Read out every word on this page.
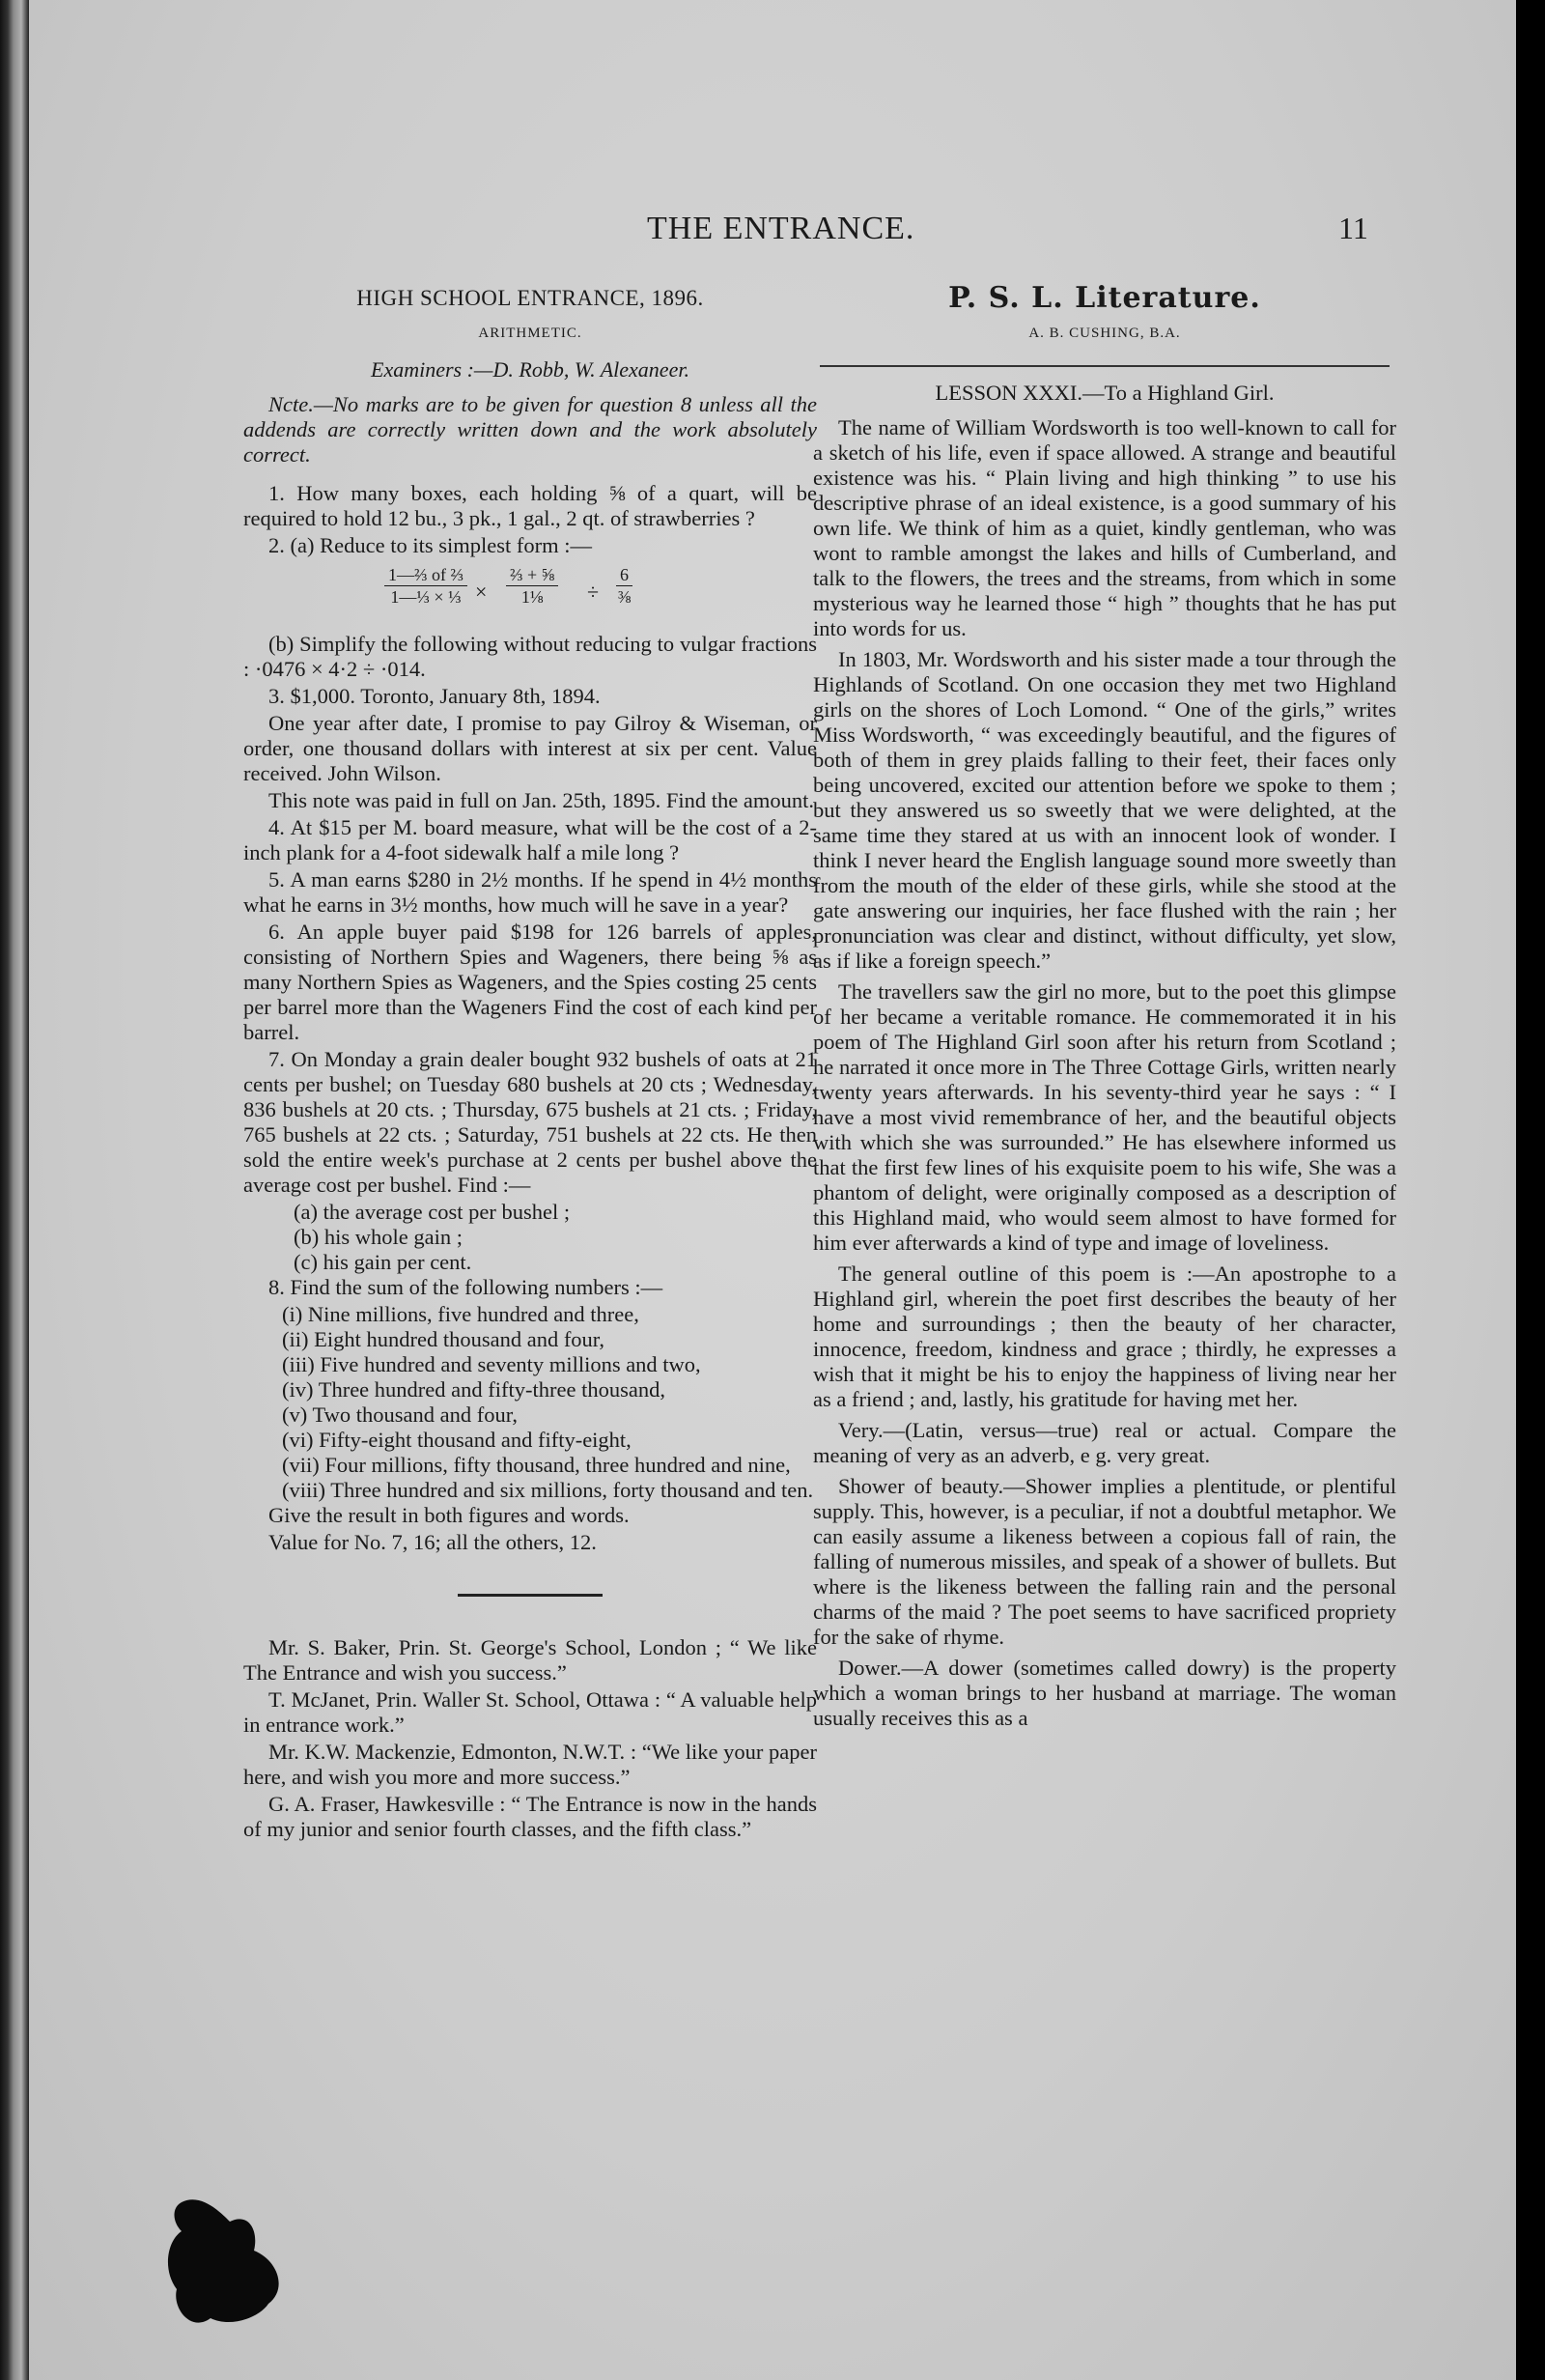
THE ENTRANCE.	11

HIGH SCHOOL ENTRANCE, 1896.

ARITHMETIC.

Examiners :—D. Robb, W. Alexaneer.

Ncte.—No marks are to be given for question 8 unless all the addends are correctly written down and the work absolutely correct.

1. How many boxes, each holding ⅝ of a quart, will be required to hold 12 bu., 3 pk., 1 gal., 2 qt. of strawberries ?

2. (a) Reduce to its simplest form :—

1—⅔ of ⅔
1—⅓ × ⅓ ×
⅔ + ⅝
1⅛	÷
6
⅜

(b) Simplify the following without reducing to vulgar fractions : ·0476 × 4·2 ÷ ·014.

3. $1,000. Toronto, January 8th, 1894.

One year after date, I promise to pay Gilroy & Wiseman, or order, one thousand dollars with interest at six per cent. Value received. John Wilson.

This note was paid in full on Jan. 25th, 1895. Find the amount.

4. At $15 per M. board measure, what will be the cost of a 2-inch plank for a 4-foot sidewalk half a mile long ?

5. A man earns $280 in 2½ months. If he spend in 4½ months what he earns in 3½ months, how much will he save in a year?

6. An apple buyer paid $198 for 126 barrels of apples, consisting of Northern Spies and Wageners, there being ⅝ as many Northern Spies as Wageners, and the Spies costing 25 cents per barrel more than the Wageners Find the cost of each kind per barrel.

7. On Monday a grain dealer bought 932 bushels of oats at 21 cents per bushel; on Tuesday 680 bushels at 20 cts ; Wednesday, 836 bushels at 20 cts. ; Thursday, 675 bushels at 21 cts. ; Friday, 765 bushels at 22 cts. ; Saturday, 751 bushels at 22 cts. He then sold the entire week's purchase at 2 cents per bushel above the average cost per bushel. Find :—

(a) the average cost per bushel ;
(b) his whole gain ;
(c) his gain per cent.

8. Find the sum of the following numbers :—

(i) Nine millions, five hundred and three,
(ii) Eight hundred thousand and four,
(iii) Five hundred and seventy millions and two,
(iv) Three hundred and fifty-three thousand,
(v) Two thousand and four,
(vi) Fifty-eight thousand and fifty-eight,
(vii) Four millions, fifty thousand, three hundred and nine,
(viii) Three hundred and six millions, forty thousand and ten.

Give the result in both figures and words.

Value for No. 7, 16; all the others, 12.

Mr. S. Baker, Prin. St. George's School, London ; “ We like The Entrance and wish you success.”

T. McJanet, Prin. Waller St. School, Ottawa : “ A valuable help in entrance work.”

Mr. K.W. Mackenzie, Edmonton, N.W.T. : “We like your paper here, and wish you more and more success.”

G. A. Fraser, Hawkesville : “ The Entrance is now in the hands of my junior and senior fourth classes, and the fifth class.”

P. S. L. Literature.

A. B. CUSHING, B.A.

LESSON XXXI.—To a Highland Girl.

The name of William Wordsworth is too well-known to call for a sketch of his life, even if space allowed. A strange and beautiful existence was his. “ Plain living and high thinking ” to use his descriptive phrase of an ideal existence, is a good summary of his own life. We think of him as a quiet, kindly gentleman, who was wont to ramble amongst the lakes and hills of Cumberland, and talk to the flowers, the trees and the streams, from which in some mysterious way he learned those “ high ” thoughts that he has put into words for us.

In 1803, Mr. Wordsworth and his sister made a tour through the Highlands of Scotland. On one occasion they met two Highland girls on the shores of Loch Lomond. “ One of the girls,” writes Miss Wordsworth, “ was exceedingly beautiful, and the figures of both of them in grey plaids falling to their feet, their faces only being uncovered, excited our attention before we spoke to them ; but they answered us so sweetly that we were delighted, at the same time they stared at us with an innocent look of wonder. I think I never heard the English language sound more sweetly than from the mouth of the elder of these girls, while she stood at the gate answering our inquiries, her face flushed with the rain ; her pronunciation was clear and distinct, without difficulty, yet slow, as if like a foreign speech.”

The travellers saw the girl no more, but to the poet this glimpse of her became a veritable romance. He commemorated it in his poem of The Highland Girl soon after his return from Scotland ; he narrated it once more in The Three Cottage Girls, written nearly twenty years afterwards. In his seventy-third year he says : “ I have a most vivid remembrance of her, and the beautiful objects with which she was surrounded.” He has elsewhere informed us that the first few lines of his exquisite poem to his wife, She was a phantom of delight, were originally composed as a description of this Highland maid, who would seem almost to have formed for him ever afterwards a kind of type and image of loveliness.

The general outline of this poem is :—An apostrophe to a Highland girl, wherein the poet first describes the beauty of her home and surroundings ; then the beauty of her character, innocence, freedom, kindness and grace ; thirdly, he expresses a wish that it might be his to enjoy the happiness of living near her as a friend ; and, lastly, his gratitude for having met her.

Very.—(Latin, versus—true) real or actual. Compare the meaning of very as an adverb, e g. very great.

Shower of beauty.—Shower implies a plentitude, or plentiful supply. This, however, is a peculiar, if not a doubtful metaphor. We can easily assume a likeness between a copious fall of rain, the falling of numerous missiles, and speak of a shower of bullets. But where is the likeness between the falling rain and the personal charms of the maid ? The poet seems to have sacrificed propriety for the sake of rhyme.

Dower.—A dower (sometimes called dowry) is the property which a woman brings to her husband at marriage. The woman usually receives this as a
